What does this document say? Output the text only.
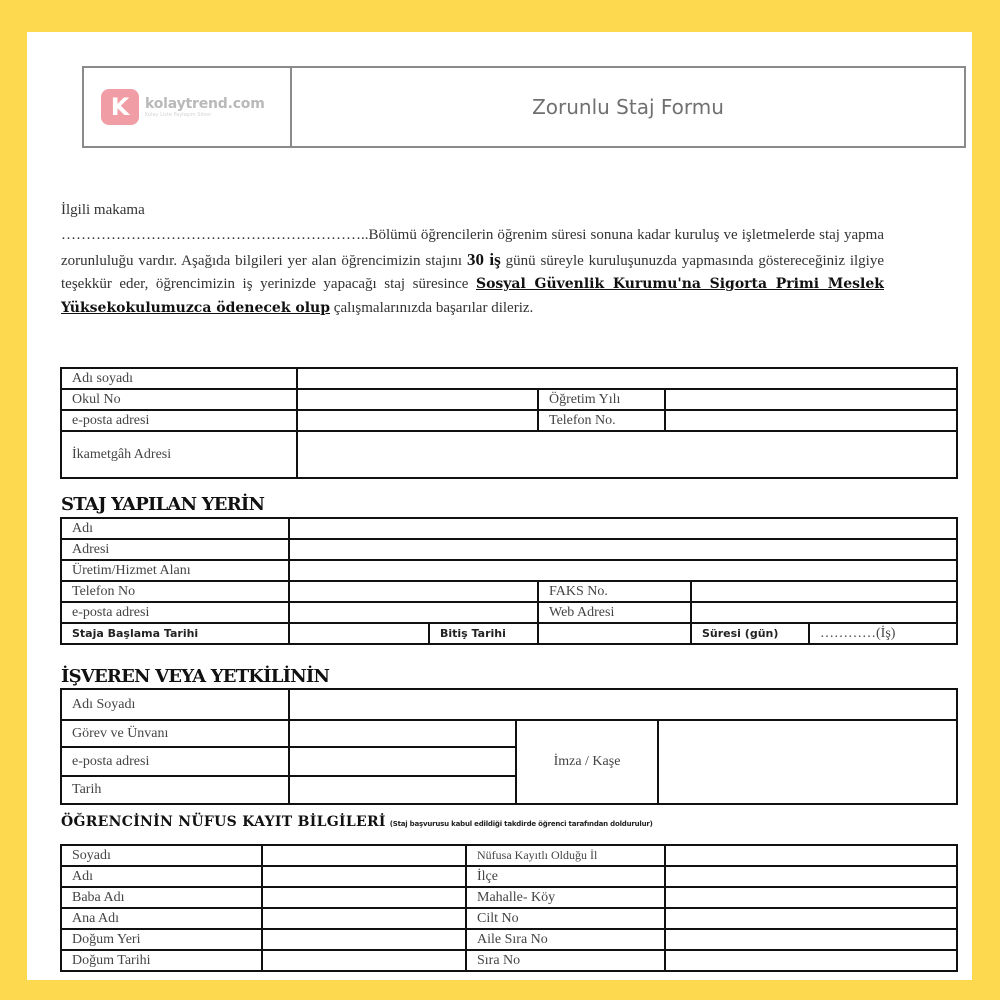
K	kolaytrend.com
Kolay Liste Paylaşım Sitesi	Zorunlu Staj Formu
İlgili makama
……………………………………………………..Bölümü öğrencilerin öğrenim süresi sonuna kadar kuruluş ve işletmelerde staj yapma zorunluluğu vardır. Aşağıda bilgileri yer alan öğrencimizin stajını 30 iş günü süreyle kuruluşunuzda yapmasında göstereceğiniz ilgiye teşekkür eder, öğrencimizin iş yerinizde yapacağı staj süresince Sosyal Güvenlik Kurumu'na Sigorta Primi Meslek Yüksekokulumuzca ödenecek olup çalışmalarınızda başarılar dileriz.
Adı soyadı			
Okul No		Öğretim Yılı	
e-posta adresi		Telefon No.	
İkametgâh Adresi			
STAJ YAPILAN YERİN
Adı					
Adresi					
Üretim/Hizmet Alanı					
Telefon No			FAKS No.		
e-posta adresi			Web Adresi		
Staja Başlama Tarihi		Bitiş Tarihi		Süresi (gün)	…………(İş)
İŞVEREN VEYA YETKİLİNİN
Adı Soyadı			
Görev ve Ünvanı		İmza / Kaşe	
e-posta adresi			
Tarih			
ÖĞRENCİNİN NÜFUS KAYIT BİLGİLERİ (Staj başvurusu kabul edildiği takdirde öğrenci tarafından doldurulur)
Soyadı		Nüfusa Kayıtlı Olduğu İl	
Adı		İlçe	
Baba Adı		Mahalle- Köy	
Ana Adı		Cilt No	
Doğum Yeri		Aile Sıra No	
Doğum Tarihi		Sıra No	
